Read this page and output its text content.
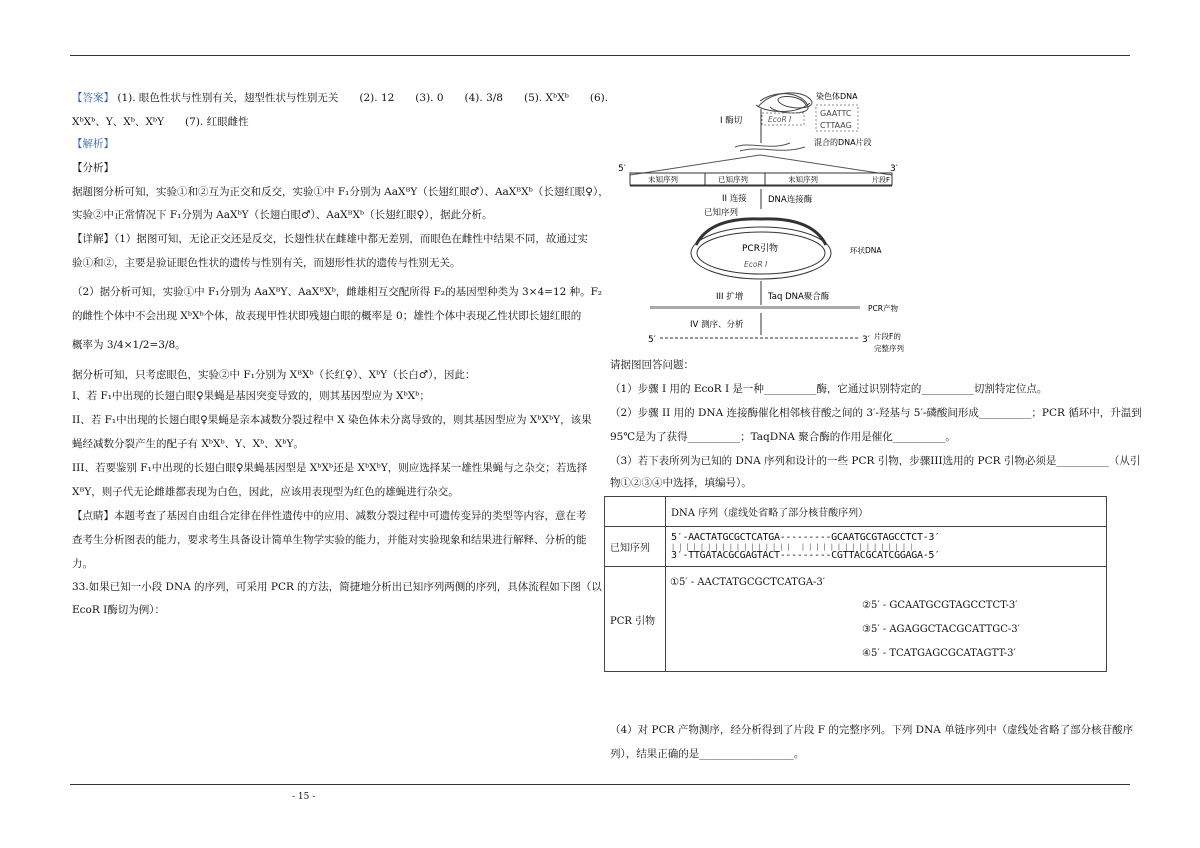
【答案】 (1). 眼色性状与性别有关，翅型性状与性别无关　　(2). 12　　(3). 0　　(4). 3/8　　(5). XᵇXᵇ　　(6).
XᵇXᵇ、Y、Xᵇ、XᵇY　　(7). 红眼雌性
【解析】
【分析】
据题图分析可知，实验①和②互为正交和反交，实验①中 F₁分别为 AaXᴮY（长翅红眼♂）、AaXᴮXᵇ（长翅红眼♀），
实验②中正常情况下 F₁分别为 AaXᵇY（长翅白眼♂）、AaXᴮXᵇ（长翅红眼♀），据此分析。
【详解】（1）据图可知，无论正交还是反交，长翅性状在雌雄中都无差别，而眼色在雌性中结果不同，故通过实
验①和②，主要是验证眼色性状的遗传与性别有关，而翅形性状的遗传与性别无关。
（2）据分析可知，实验①中 F₁分别为 AaXᴮY、AaXᴮXᵇ，雌雄相互交配所得 F₂的基因型种类为 3×4=12 种。F₂
的雌性个体中不会出现 XᵇXᵇ个体，故表现甲性状即残翅白眼的概率是 0；雄性个体中表现乙性状即长翅红眼的
概率为 3/4×1/2=3/8。
据分析可知，只考虑眼色，实验②中 F₁分别为 XᴮXᵇ（长红♀）、XᵇY（长白♂），因此：
I、若 F₁中出现的长翅白眼♀果蝇是基因突变导致的，则其基因型应为 XᵇXᵇ；
II、若 F₁中出现的长翅白眼♀果蝇是亲本减数分裂过程中 X 染色体未分离导致的，则其基因型应为 XᵇXᵇY，该果
蝇经减数分裂产生的配子有 XᵇXᵇ、Y、Xᵇ、XᵇY。
III、若要鉴别 F₁中出现的长翅白眼♀果蝇基因型是 XᵇXᵇ还是 XᵇXᵇY，则应选择某一雄性果蝇与之杂交；若选择
XᴮY，则子代无论雌雄都表现为白色，因此，应该用表现型为红色的雄蝇进行杂交。
【点睛】本题考查了基因自由组合定律在伴性遗传中的应用、减数分裂过程中可遗传变异的类型等内容，意在考
查考生分析图表的能力，要求考生具备设计简单生物学实验的能力，并能对实验现象和结果进行解释、分析的能
力。
33.如果已知一小段 DNA 的序列，可采用 PCR 的方法，简捷地分析出已知序列两侧的序列，具体流程如下图（以
EcoR I酶切为例）：
染色体DNA
I 酶切	EcoR I
GAATTC
CTTAAG
混合的DNA片段
5′	3′
未知序列	已知序列	未知序列	片段F
II 连接	DNA连接酶
已知序列
PCR引物
EcoR I
环状DNA
III 扩增	Taq DNA聚合酶
PCR产物
IV 测序、分析
5′	3′ 片段F的
完整序列
请据图回答问题：
（1）步骤 I 用的 EcoR I 是一种__________酶，它通过识别特定的__________切割特定位点。
（2）步骤 II 用的 DNA 连接酶催化相邻核苷酸之间的 3′-羟基与 5′-磷酸间形成__________；PCR 循环中，升温到
95℃是为了获得__________；TaqDNA 聚合酶的作用是催化__________。
（3）若下表所列为已知的 DNA 序列和设计的一些 PCR 引物，步骤III选用的 PCR 引物必须是__________（从引
物①②③④中选择，填编号）。
	DNA 序列（虚线处省略了部分核苷酸序列）
已知序列	5′-AACTATGCGCTCATGA---------GCAATGCGTAGCCTCT-3′
||||||||||||||||| ||||||||||||||||
3′-TTGATACGCGAGTACT---------CGTTACGCATCGGAGA-5′

PCR 引物	①5′ - AACTATGCGCTCATGA-3′
②5′ - GCAATGCGTAGCCTCT-3′
③5′ - AGAGGCTACGCATTGC-3′
④5′ - TCATGAGCGCATAGTT-3′
（4）对 PCR 产物测序，经分析得到了片段 F 的完整序列。下列 DNA 单链序列中（虚线处省略了部分核苷酸序
列），结果正确的是__________________。
- 15 -
